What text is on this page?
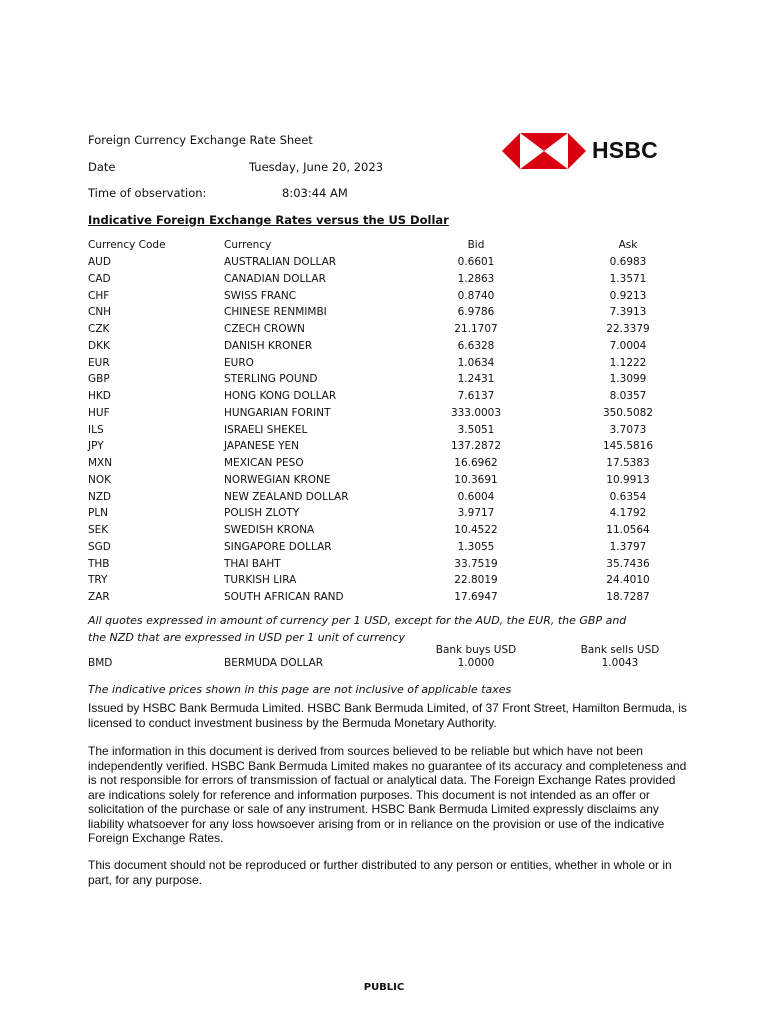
Foreign Currency Exchange Rate Sheet
Date	Tuesday, June 20, 2023
Time of observation:	8:03:44 AM
HSBC
Indicative Foreign Exchange Rates versus the US Dollar
Currency Code	Currency	Bid		Ask
AUD	AUSTRALIAN DOLLAR	0.6601		0.6983
CAD	CANADIAN DOLLAR	1.2863		1.3571
CHF	SWISS FRANC	0.8740		0.9213
CNH	CHINESE RENMIMBI	6.9786		7.3913
CZK	CZECH CROWN	21.1707		22.3379
DKK	DANISH KRONER	6.6328		7.0004
EUR	EURO	1.0634		1.1222
GBP	STERLING POUND	1.2431		1.3099
HKD	HONG KONG DOLLAR	7.6137		8.0357
HUF	HUNGARIAN FORINT	333.0003		350.5082
ILS	ISRAELI SHEKEL	3.5051		3.7073
JPY	JAPANESE YEN	137.2872		145.5816
MXN	MEXICAN PESO	16.6962		17.5383
NOK	NORWEGIAN KRONE	10.3691		10.9913
NZD	NEW ZEALAND DOLLAR	0.6004		0.6354
PLN	POLISH ZLOTY	3.9717		4.1792
SEK	SWEDISH KRONA	10.4522		11.0564
SGD	SINGAPORE DOLLAR	1.3055		1.3797
THB	THAI BAHT	33.7519		35.7436
TRY	TURKISH LIRA	22.8019		24.4010
ZAR	SOUTH AFRICAN RAND	17.6947		18.7287
All quotes expressed in amount of currency per 1 USD, except for the AUD, the EUR, the GBP and
the NZD that are expressed in USD per 1 unit of currency
Bank buys USD	Bank sells USD
BMD	BERMUDA DOLLAR	1.0000	1.0043
The indicative prices shown in this page are not inclusive of applicable taxes
Issued by HSBC Bank Bermuda Limited. HSBC Bank Bermuda Limited, of 37 Front Street, Hamilton Bermuda, is licensed to conduct investment business by the Bermuda Monetary Authority.
The information in this document is derived from sources believed to be reliable but which have not been independently verified. HSBC Bank Bermuda Limited makes no guarantee of its accuracy and completeness and is not responsible for errors of transmission of factual or analytical data. The Foreign Exchange Rates provided are indications solely for reference and information purposes. This document is not intended as an offer or solicitation of the purchase or sale of any instrument. HSBC Bank Bermuda Limited expressly disclaims any liability whatsoever for any loss howsoever arising from or in reliance on the provision or use of the indicative Foreign Exchange Rates.
This document should not be reproduced or further distributed to any person or entities, whether in whole or in part, for any purpose.
PUBLIC
